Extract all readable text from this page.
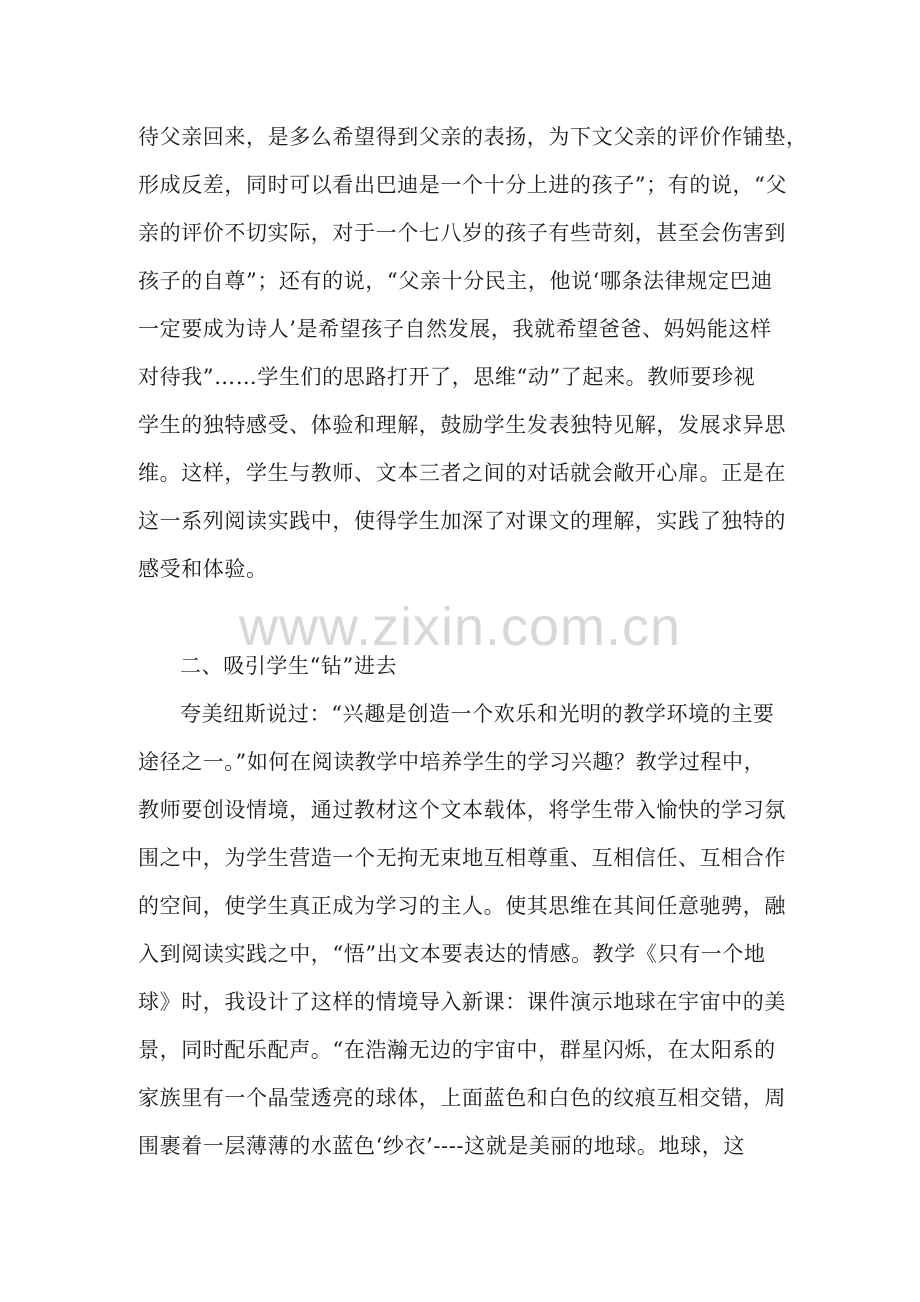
待父亲回来，是多么希望得到父亲的表扬，为下文父亲的评价作铺垫，
形成反差，同时可以看出巴迪是一个十分上进的孩子”；有的说，“父
亲的评价不切实际，对于一个七八岁的孩子有些苛刻，甚至会伤害到
孩子的自尊”；还有的说，“父亲十分民主，他说‘哪条法律规定巴迪
一定要成为诗人’是希望孩子自然发展，我就希望爸爸、妈妈能这样
对待我”……学生们的思路打开了，思维“动”了起来。教师要珍视
学生的独特感受、体验和理解，鼓励学生发表独特见解，发展求异思
维。这样，学生与教师、文本三者之间的对话就会敞开心扉。正是在
这一系列阅读实践中，使得学生加深了对课文的理解，实践了独特的
感受和体验。
www.zixin.com.cn
二、吸引学生“钻”进去
夸美纽斯说过：“兴趣是创造一个欢乐和光明的教学环境的主要
途径之一。”如何在阅读教学中培养学生的学习兴趣？教学过程中，
教师要创设情境，通过教材这个文本载体，将学生带入愉快的学习氛
围之中，为学生营造一个无拘无束地互相尊重、互相信任、互相合作
的空间，使学生真正成为学习的主人。使其思维在其间任意驰骋，融
入到阅读实践之中，“悟”出文本要表达的情感。教学《只有一个地
球》时，我设计了这样的情境导入新课：课件演示地球在宇宙中的美
景，同时配乐配声。“在浩瀚无边的宇宙中，群星闪烁，在太阳系的
家族里有一个晶莹透亮的球体，上面蓝色和白色的纹痕互相交错，周
围裹着一层薄薄的水蓝色‘纱衣’----这就是美丽的地球。地球，这
